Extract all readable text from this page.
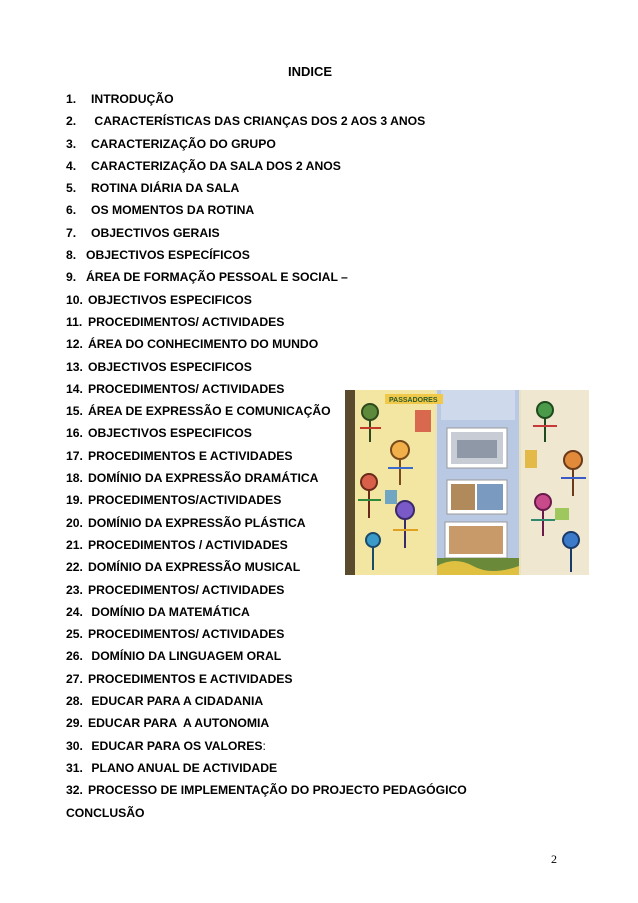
INDICE
1.	INTRODUÇÃO
2.	CARACTERÍSTICAS DAS CRIANÇAS DOS 2 AOS 3 ANOS
3.	CARACTERIZAÇÃO DO GRUPO
4.	CARACTERIZAÇÃO DA SALA DOS 2 ANOS
5.	ROTINA DIÁRIA DA SALA
6.	OS MOMENTOS DA ROTINA
7.	OBJECTIVOS GERAIS
8. OBJECTIVOS ESPECÍFICOS
9. ÁREA DE FORMAÇÃO PESSOAL E SOCIAL –
10. OBJECTIVOS ESPECIFICOS
11. PROCEDIMENTOS/ ACTIVIDADES
12. ÁREA DO CONHECIMENTO DO MUNDO
13. OBJECTIVOS ESPECIFICOS
14. PROCEDIMENTOS/ ACTIVIDADES
15. ÁREA DE EXPRESSÃO E COMUNICAÇÃO
16. OBJECTIVOS ESPECIFICOS
17. PROCEDIMENTOS E ACTIVIDADES
18. DOMÍNIO DA EXPRESSÃO DRAMÁTICA
19. PROCEDIMENTOS/ACTIVIDADES
20. DOMÍNIO DA EXPRESSÃO PLÁSTICA
21. PROCEDIMENTOS / ACTIVIDADES
22. DOMÍNIO DA EXPRESSÃO MUSICAL
23. PROCEDIMENTOS/ ACTIVIDADES
24. DOMÍNIO DA MATEMÁTICA
25. PROCEDIMENTOS/ ACTIVIDADES
26. DOMÍNIO DA LINGUAGEM ORAL
27. PROCEDIMENTOS E ACTIVIDADES
28. EDUCAR PARA A CIDADANIA
29. EDUCAR PARA  A AUTONOMIA
30. EDUCAR PARA OS VALORES :
31. PLANO ANUAL DE ACTIVIDADE
32. PROCESSO DE IMPLEMENTAÇÃO DO PROJECTO PEDAGÓGICO
CONCLUSÃO
PASSADORES
2
